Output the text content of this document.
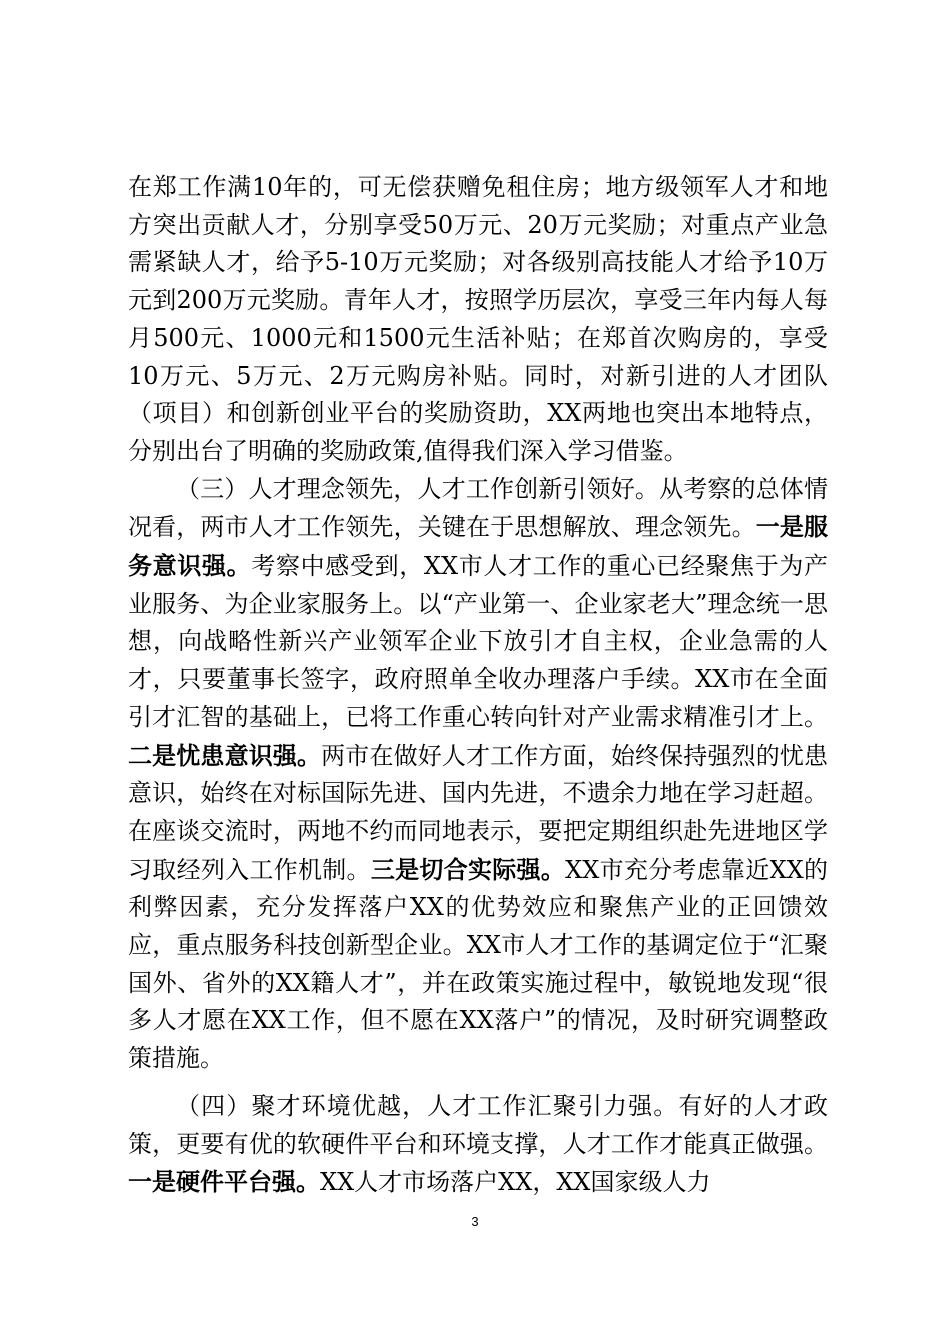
在郑工作满10年的，可无偿获赠免租住房；地方级领军人才和地方突出贡献人才，分别享受50万元、20万元奖励；对重点产业急需紧缺人才，给予5-10万元奖励；对各级别高技能人才给予10万元到200万元奖励。青年人才，按照学历层次，享受三年内每人每月500元、1000元和1500元生活补贴；在郑首次购房的，享受10万元、5万元、2万元购房补贴。同时，对新引进的人才团队（项目）和创新创业平台的奖励资助，XX两地也突出本地特点，分别出台了明确的奖励政策,值得我们深入学习借鉴。

（三）人才理念领先，人才工作创新引领好。从考察的总体情况看，两市人才工作领先，关键在于思想解放、理念领先。一是服务意识强。考察中感受到，XX市人才工作的重心已经聚焦于为产业服务、为企业家服务上。以“产业第一、企业家老大”理念统一思想，向战略性新兴产业领军企业下放引才自主权，企业急需的人才，只要董事长签字，政府照单全收办理落户手续。XX市在全面引才汇智的基础上，已将工作重心转向针对产业需求精准引才上。二是忧患意识强。两市在做好人才工作方面，始终保持强烈的忧患意识，始终在对标国际先进、国内先进，不遗余力地在学习赶超。在座谈交流时，两地不约而同地表示，要把定期组织赴先进地区学习取经列入工作机制。三是切合实际强。XX市充分考虑靠近XX的利弊因素，充分发挥落户XX的优势效应和聚焦产业的正回馈效应，重点服务科技创新型企业。XX市人才工作的基调定位于“汇聚国外、省外的XX籍人才”，并在政策实施过程中，敏锐地发现“很多人才愿在XX工作，但不愿在XX落户”的情况，及时研究调整政策措施。

（四）聚才环境优越，人才工作汇聚引力强。有好的人才政策，更要有优的软硬件平台和环境支撑，人才工作才能真正做强。一是硬件平台强。XX人才市场落户XX，XX国家级人力

3
